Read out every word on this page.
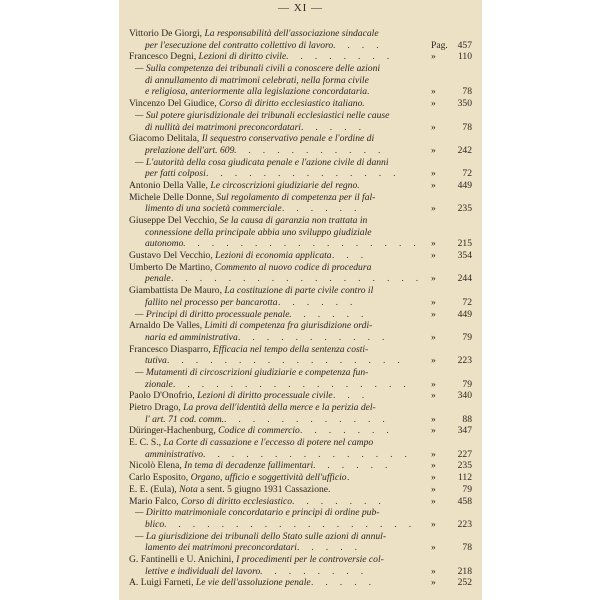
— XI —
Vittorio De Giorgi, La responsabilità dell'associazione sindacale
per l'esecuzione del contratto collettivo di lavoro . . . .	Pag. 457
Francesco Degni, Lezioni di diritto civile . . . . . . . .	» 110
— Sulla competenza dei tribunali civili a conoscere delle azioni
di annullamento di matrimoni celebrati, nella forma civile
e religiosa, anteriormente alla legislazione concordataria .	»	78
Vincenzo Del Giudice, Corso di diritto ecclesiastico italiano .	» 350
— Sul potere giurisdizionale dei tribunali ecclesiastici nelle cause
di nullità dei matrimoni preconcordatari . . . . .	»	78
Giacomo Delitala, Il sequestro conservativo penale e l'ordine di
prelazione dell'art. 609 . . . . . . . . . . .	» 242
— L'autorità della cosa giudicata penale e l'azione civile di danni
per fatti colposi . . . . . . . . . . . . . .	»	72
Antonio Della Valle, Le circoscrizioni giudiziarie del regno .	» 449
Michele Delle Donne, Sul regolamento di competenza per il fal-
limento di una società commerciale . . . . . .	» 235
Giuseppe Del Vecchio, Se la causa di garanzia non trattata in
connessione della principale abbia uno sviluppo giudiziale
autonomo . . . . . . . . . . . . . . . . . » 215
Gustavo Del Vecchio, Lezioni di economia applicata . . .	» 354
Umberto De Martino, Commento al nuovo codice di procedura
penale . . . . . . . . . . . . . . . . . . » 244
Giambattista De Mauro, La costituzione di parte civile contro il
fallito nel processo per bancarotta . . . . . .	»	72
— Principi di diritto processuale penale . . . . . .	» 449
Arnaldo De Valles, Limiti di competenza fra giurisdizione ordi-
naria ed amministrativa . . . . . . . . . . .	»	79
Francesco Diasparro, Efficacia nel tempo della sentenza costi-
tutiva . . . . . . . . . . . . . . . . .	» 223
— Mutamenti di circoscrizioni giudiziarie e competenza fun-
zionale . . . . . . . . . . . . . . . . . »	79
Paolo D'Onofrio, Lezioni di diritto processuale civile . . .	» 340
Pietro Drago, La prova dell'identità della merce e la perizia del-
l' art. 71 cod. comm. . . . . . . . . . . . .	»	88
Düringer-Hachenburg, Codice di commercio . . . . . . .	» 347
E. C. S., La Corte di cassazione e l'eccesso di potere nel campo
amministrativo . . . . . . . . . . . . . . . » 227
Nicolò Elena, In tema di decadenze fallimentari . . . . . .	» 235
Carlo Esposito, Organo, ufficio e soggettività dell'ufficio .	» 112
E. E. (Eula), Nota a sent. 5 giugno 1931 Cassazione .	»	79
Mario Falco, Corso di diritto ecclesiastico . . . . . . .	» 458
— Diritto matrimoniale concordatario e principi di ordine pub-
blico . . . . . . . . . . . . . . . . . . » 223
— La giurisdizione dei tribunali dello Stato sulle azioni di annul-
lamento dei matrimoni preconcordatari . . . . .	»	78
G. Fantinelli e U. Anichini, I procedimenti per le controversie col-
lettive e individuali del lavoro . . . . . . . .	» 218
A. Luigi Farneti, Le vie dell'assoluzione penale . . . . .	» 252
